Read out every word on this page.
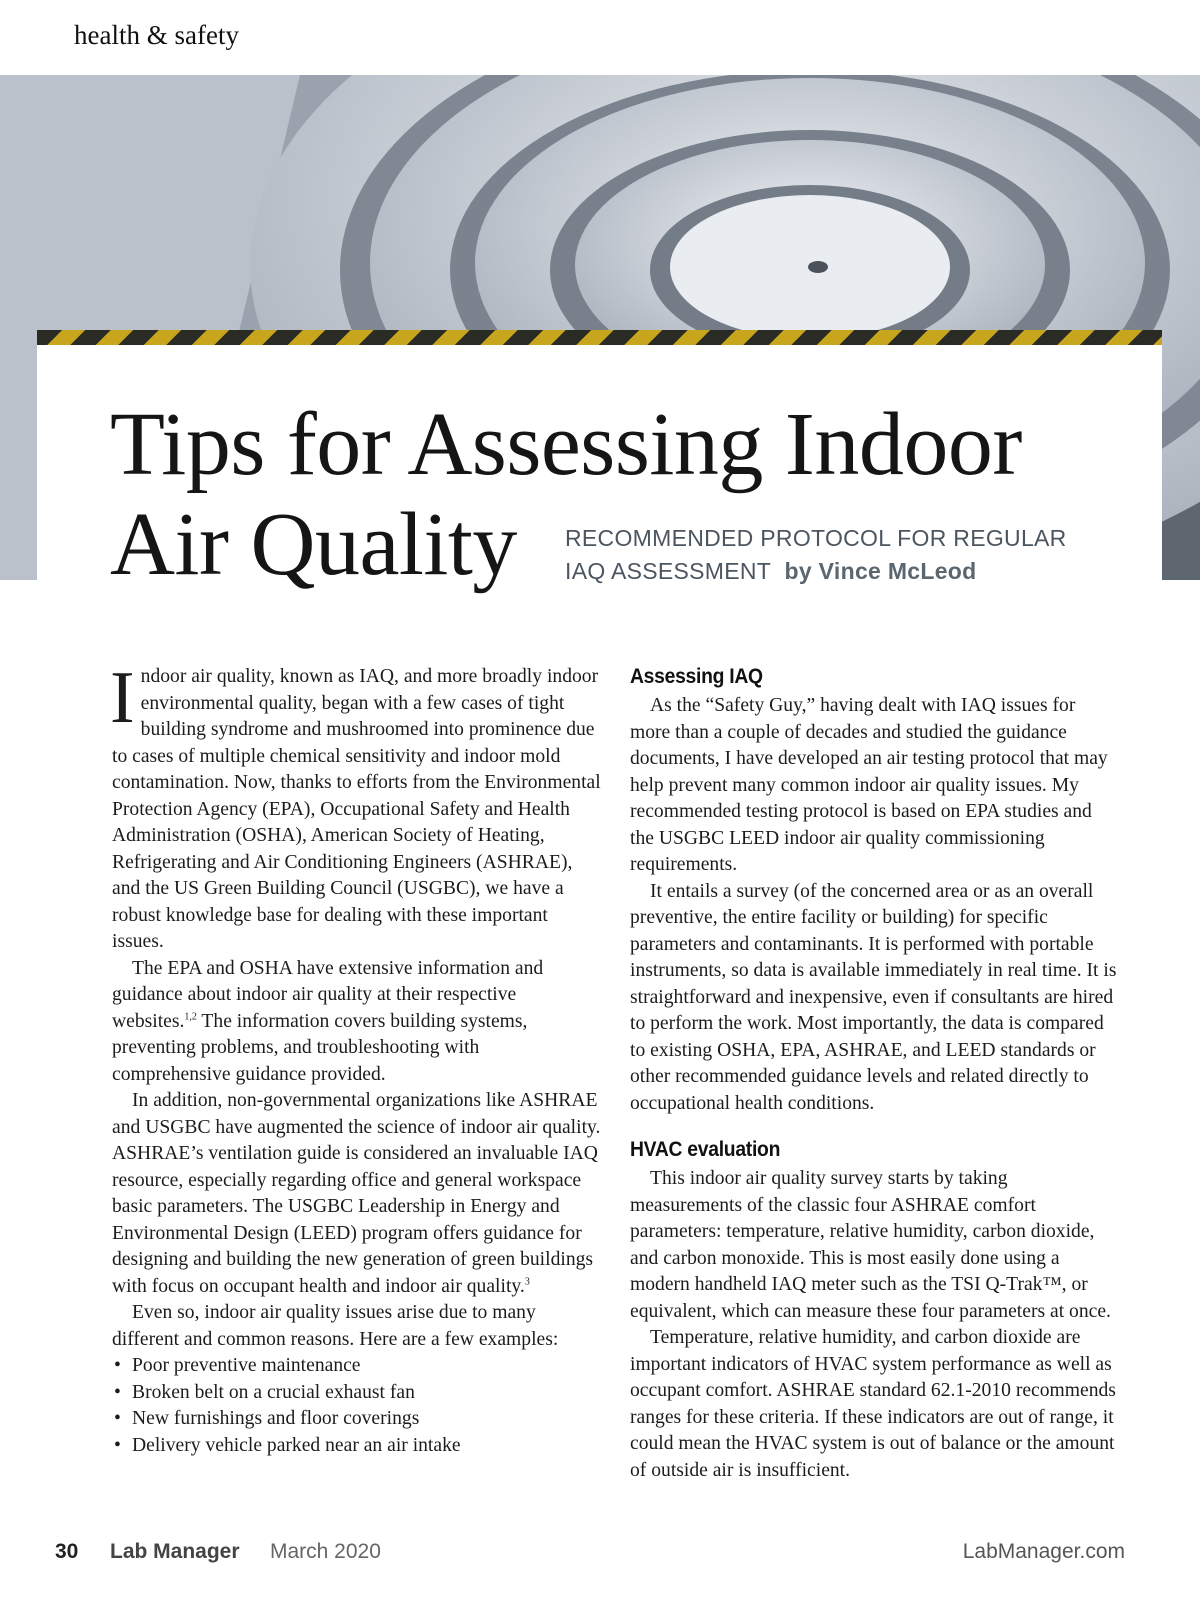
health & safety
Tips for Assessing Indoor Air Quality	RECOMMENDED PROTOCOL FOR REGULAR
IAQ ASSESSMENT by Vince McLeod

Indoor air quality, known as IAQ, and more broadly indoor environmental quality, began with a few cases of tight building syndrome and mushroomed into prominence due to cases of multiple chemical sensitivity and indoor mold contamination. Now, thanks to efforts from the Environmental Protection Agency (EPA), Occupational Safety and Health Administration (OSHA), American Society of Heating, Refrigerating and Air Conditioning Engineers (ASHRAE), and the US Green Building Council (USGBC), we have a robust knowledge base for dealing with these important issues.

The EPA and OSHA have extensive information and guidance about indoor air quality at their respective websites.$^{1,2}$ The information covers building systems, preventing problems, and troubleshooting with comprehensive guidance provided.

In addition, non-governmental organizations like ASHRAE and USGBC have augmented the science of indoor air quality. ASHRAE’s ventilation guide is considered an invaluable IAQ resource, especially regarding office and general workspace basic parameters. The USGBC Leadership in Energy and Environmental Design (LEED) program offers guidance for designing and building the new generation of green buildings with focus on occupant health and indoor air quality.$^3$

Even so, indoor air quality issues arise due to many different and common reasons. Here are a few examples:

• Poor preventive maintenance
• Broken belt on a crucial exhaust fan
• New furnishings and floor coverings
• Delivery vehicle parked near an air intake
Assessing IAQ

As the “Safety Guy,” having dealt with IAQ issues for more than a couple of decades and studied the guidance documents, I have developed an air testing protocol that may help prevent many common indoor air quality issues. My recommended testing protocol is based on EPA studies and the USGBC LEED indoor air quality commissioning requirements.

It entails a survey (of the concerned area or as an overall preventive, the entire facility or building) for specific parameters and contaminants. It is performed with portable instruments, so data is available immediately in real time. It is straightforward and inexpensive, even if consultants are hired to perform the work. Most importantly, the data is compared to existing OSHA, EPA, ASHRAE, and LEED standards or other recommended guidance levels and related directly to occupational health conditions.

HVAC evaluation

This indoor air quality survey starts by taking measurements of the classic four ASHRAE comfort parameters: temperature, relative humidity, carbon dioxide, and carbon monoxide. This is most easily done using a modern handheld IAQ meter such as the TSI Q-Trak™, or equivalent, which can measure these four parameters at once.

Temperature, relative humidity, and carbon dioxide are important indicators of HVAC system performance as well as occupant comfort. ASHRAE standard 62.1-2010 recommends ranges for these criteria. If these indicators are out of range, it could mean the HVAC system is out of balance or the amount of outside air is insufficient.

30 Lab Manager March 2020	LabManager.com
